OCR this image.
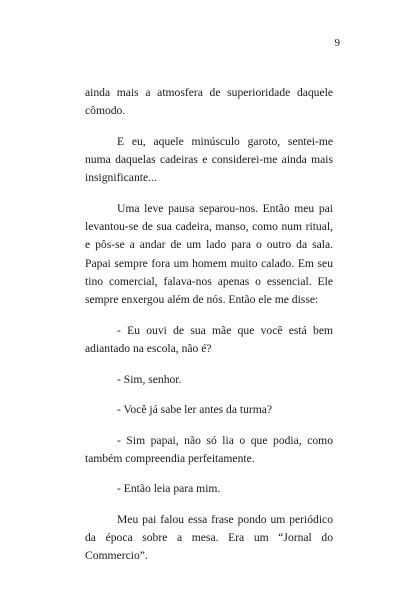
9

ainda mais a atmosfera de superioridade daquele cômodo.

E eu, aquele minúsculo garoto, sentei-me numa daquelas cadeiras e considerei-me ainda mais insignificante...

Uma leve pausa separou-nos. Então meu pai levantou-se de sua cadeira, manso, como num ritual, e pôs-se a andar de um lado para o outro da sala. Papai sempre fora um homem muito calado. Em seu tino comercial, falava-nos apenas o essencial. Ele sempre enxergou além de nós. Então ele me disse:

- Eu ouvi de sua mãe que você está bem adiantado na escola, não é?

- Sim, senhor.

- Você já sabe ler antes da turma?

- Sim papai, não só lia o que podia, como também compreendia perfeitamente.

- Então leia para mim.

Meu pai falou essa frase pondo um periódico da época sobre a mesa. Era um “Jornal do Commercio”.
